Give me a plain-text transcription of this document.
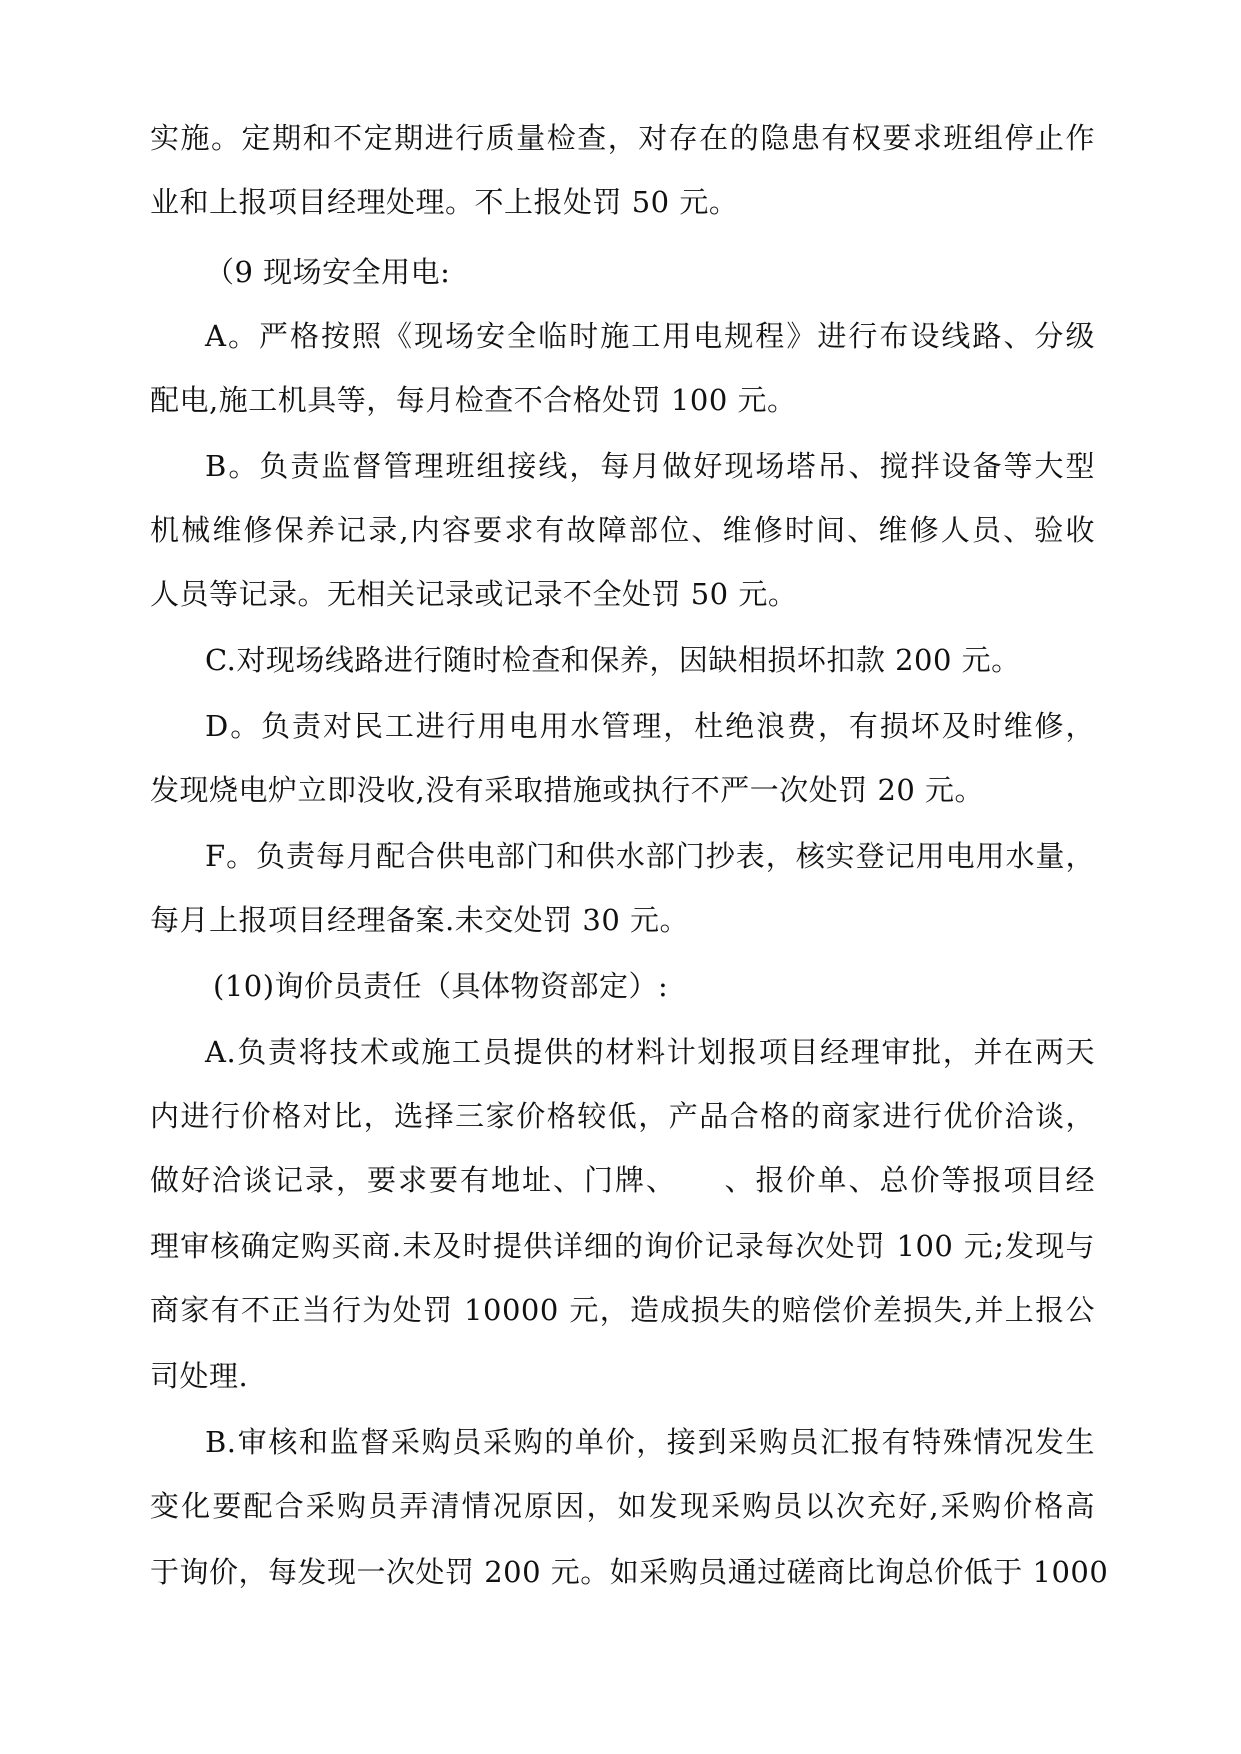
实施。定期和不定期进行质量检查，对存在的隐患有权要求班组停止作
业和上报项目经理处理。不上报处罚 50 元。
（9 现场安全用电:
A。严格按照《现场安全临时施工用电规程》进行布设线路、分级
配电,施工机具等，每月检查不合格处罚 100 元。
B。负责监督管理班组接线，每月做好现场塔吊、搅拌设备等大型
机械维修保养记录,内容要求有故障部位、维修时间、维修人员、验收
人员等记录。无相关记录或记录不全处罚 50 元。
C.对现场线路进行随时检查和保养，因缺相损坏扣款 200 元。
D。负责对民工进行用电用水管理，杜绝浪费，有损坏及时维修，
发现烧电炉立即没收,没有采取措施或执行不严一次处罚 20 元。
F。负责每月配合供电部门和供水部门抄表，核实登记用电用水量，
每月上报项目经理备案.未交处罚 30 元。
(10)询价员责任（具体物资部定）:
A.负责将技术或施工员提供的材料计划报项目经理审批，并在两天
内进行价格对比，选择三家价格较低，产品合格的商家进行优价洽谈，
做好洽谈记录，要求要有地址、门牌、　　、报价单、总价等报项目经
理审核确定购买商.未及时提供详细的询价记录每次处罚 100 元;发现与
商家有不正当行为处罚 10000 元，造成损失的赔偿价差损失,并上报公
司处理.
B.审核和监督采购员采购的单价，接到采购员汇报有特殊情况发生
变化要配合采购员弄清情况原因，如发现采购员以次充好,采购价格高
于询价，每发现一次处罚 200 元。如采购员通过磋商比询总价低于 1000
